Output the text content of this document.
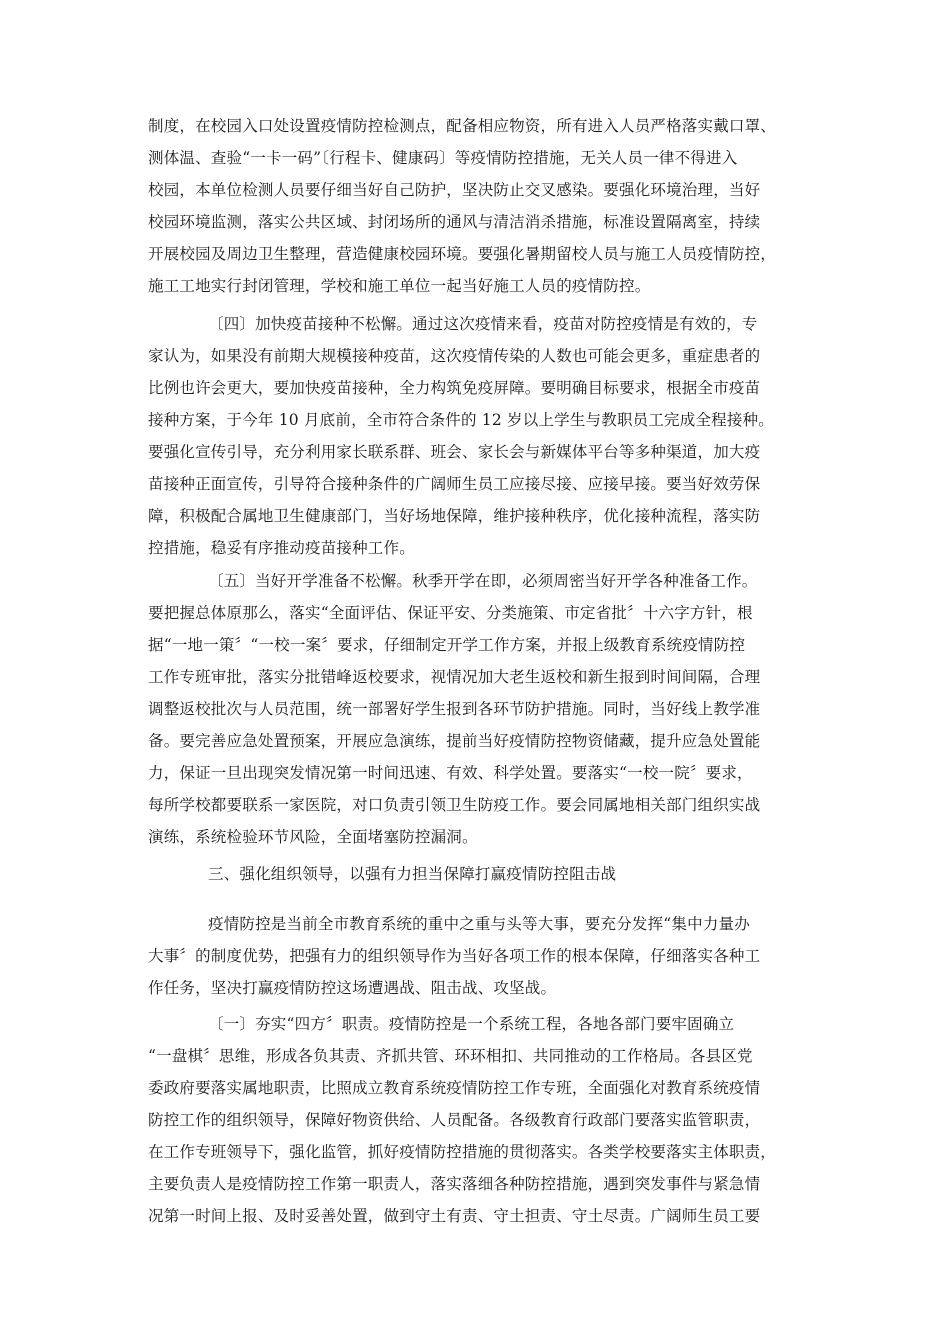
制度，在校园入口处设置疫情防控检测点，配备相应物资，所有进入人员严格落实戴口罩、
测体温、查验“一卡一码”〔行程卡、健康码〕等疫情防控措施，无关人员一律不得进入
校园，本单位检测人员要仔细当好自己防护，坚决防止交叉感染。要强化环境治理，当好
校园环境监测，落实公共区域、封闭场所的通风与清洁消杀措施，标准设置隔离室，持续
开展校园及周边卫生整理，营造健康校园环境。要强化暑期留校人员与施工人员疫情防控，
施工工地实行封闭管理，学校和施工单位一起当好施工人员的疫情防控。
〔四〕加快疫苗接种不松懈。通过这次疫情来看，疫苗对防控疫情是有效的，专
家认为，如果没有前期大规模接种疫苗，这次疫情传染的人数也可能会更多，重症患者的
比例也许会更大，要加快疫苗接种，全力构筑免疫屏障。要明确目标要求，根据全市疫苗
接种方案，于今年 10 月底前，全市符合条件的 12 岁以上学生与教职员工完成全程接种。
要强化宣传引导，充分利用家长联系群、班会、家长会与新媒体平台等多种渠道，加大疫
苗接种正面宣传，引导符合接种条件的广阔师生员工应接尽接、应接早接。要当好效劳保
障，积极配合属地卫生健康部门，当好场地保障，维护接种秩序，优化接种流程，落实防
控措施，稳妥有序推动疫苗接种工作。
〔五〕当好开学准备不松懈。秋季开学在即，必须周密当好开学各种准备工作。
要把握总体原那么，落实“全面评估、保证平安、分类施策、市定省批〞十六字方针，根
据“一地一策〞“一校一案〞要求，仔细制定开学工作方案，并报上级教育系统疫情防控
工作专班审批，落实分批错峰返校要求，视情况加大老生返校和新生报到时间间隔，合理
调整返校批次与人员范围，统一部署好学生报到各环节防护措施。同时，当好线上教学准
备。要完善应急处置预案，开展应急演练，提前当好疫情防控物资储藏，提升应急处置能
力，保证一旦出现突发情况第一时间迅速、有效、科学处置。要落实“一校一院〞要求，
每所学校都要联系一家医院，对口负责引领卫生防疫工作。要会同属地相关部门组织实战
演练，系统检验环节风险，全面堵塞防控漏洞。
三、强化组织领导，以强有力担当保障打赢疫情防控阻击战
疫情防控是当前全市教育系统的重中之重与头等大事，要充分发挥“集中力量办
大事〞的制度优势，把强有力的组织领导作为当好各项工作的根本保障，仔细落实各种工
作任务，坚决打赢疫情防控这场遭遇战、阻击战、攻坚战。
〔一〕夯实“四方〞职责。疫情防控是一个系统工程，各地各部门要牢固确立
“一盘棋〞思维，形成各负其责、齐抓共管、环环相扣、共同推动的工作格局。各县区党
委政府要落实属地职责，比照成立教育系统疫情防控工作专班，全面强化对教育系统疫情
防控工作的组织领导，保障好物资供给、人员配备。各级教育行政部门要落实监管职责，
在工作专班领导下，强化监管，抓好疫情防控措施的贯彻落实。各类学校要落实主体职责，
主要负责人是疫情防控工作第一职责人，落实落细各种防控措施，遇到突发事件与紧急情
况第一时间上报、及时妥善处置，做到守土有责、守土担责、守土尽责。广阔师生员工要
